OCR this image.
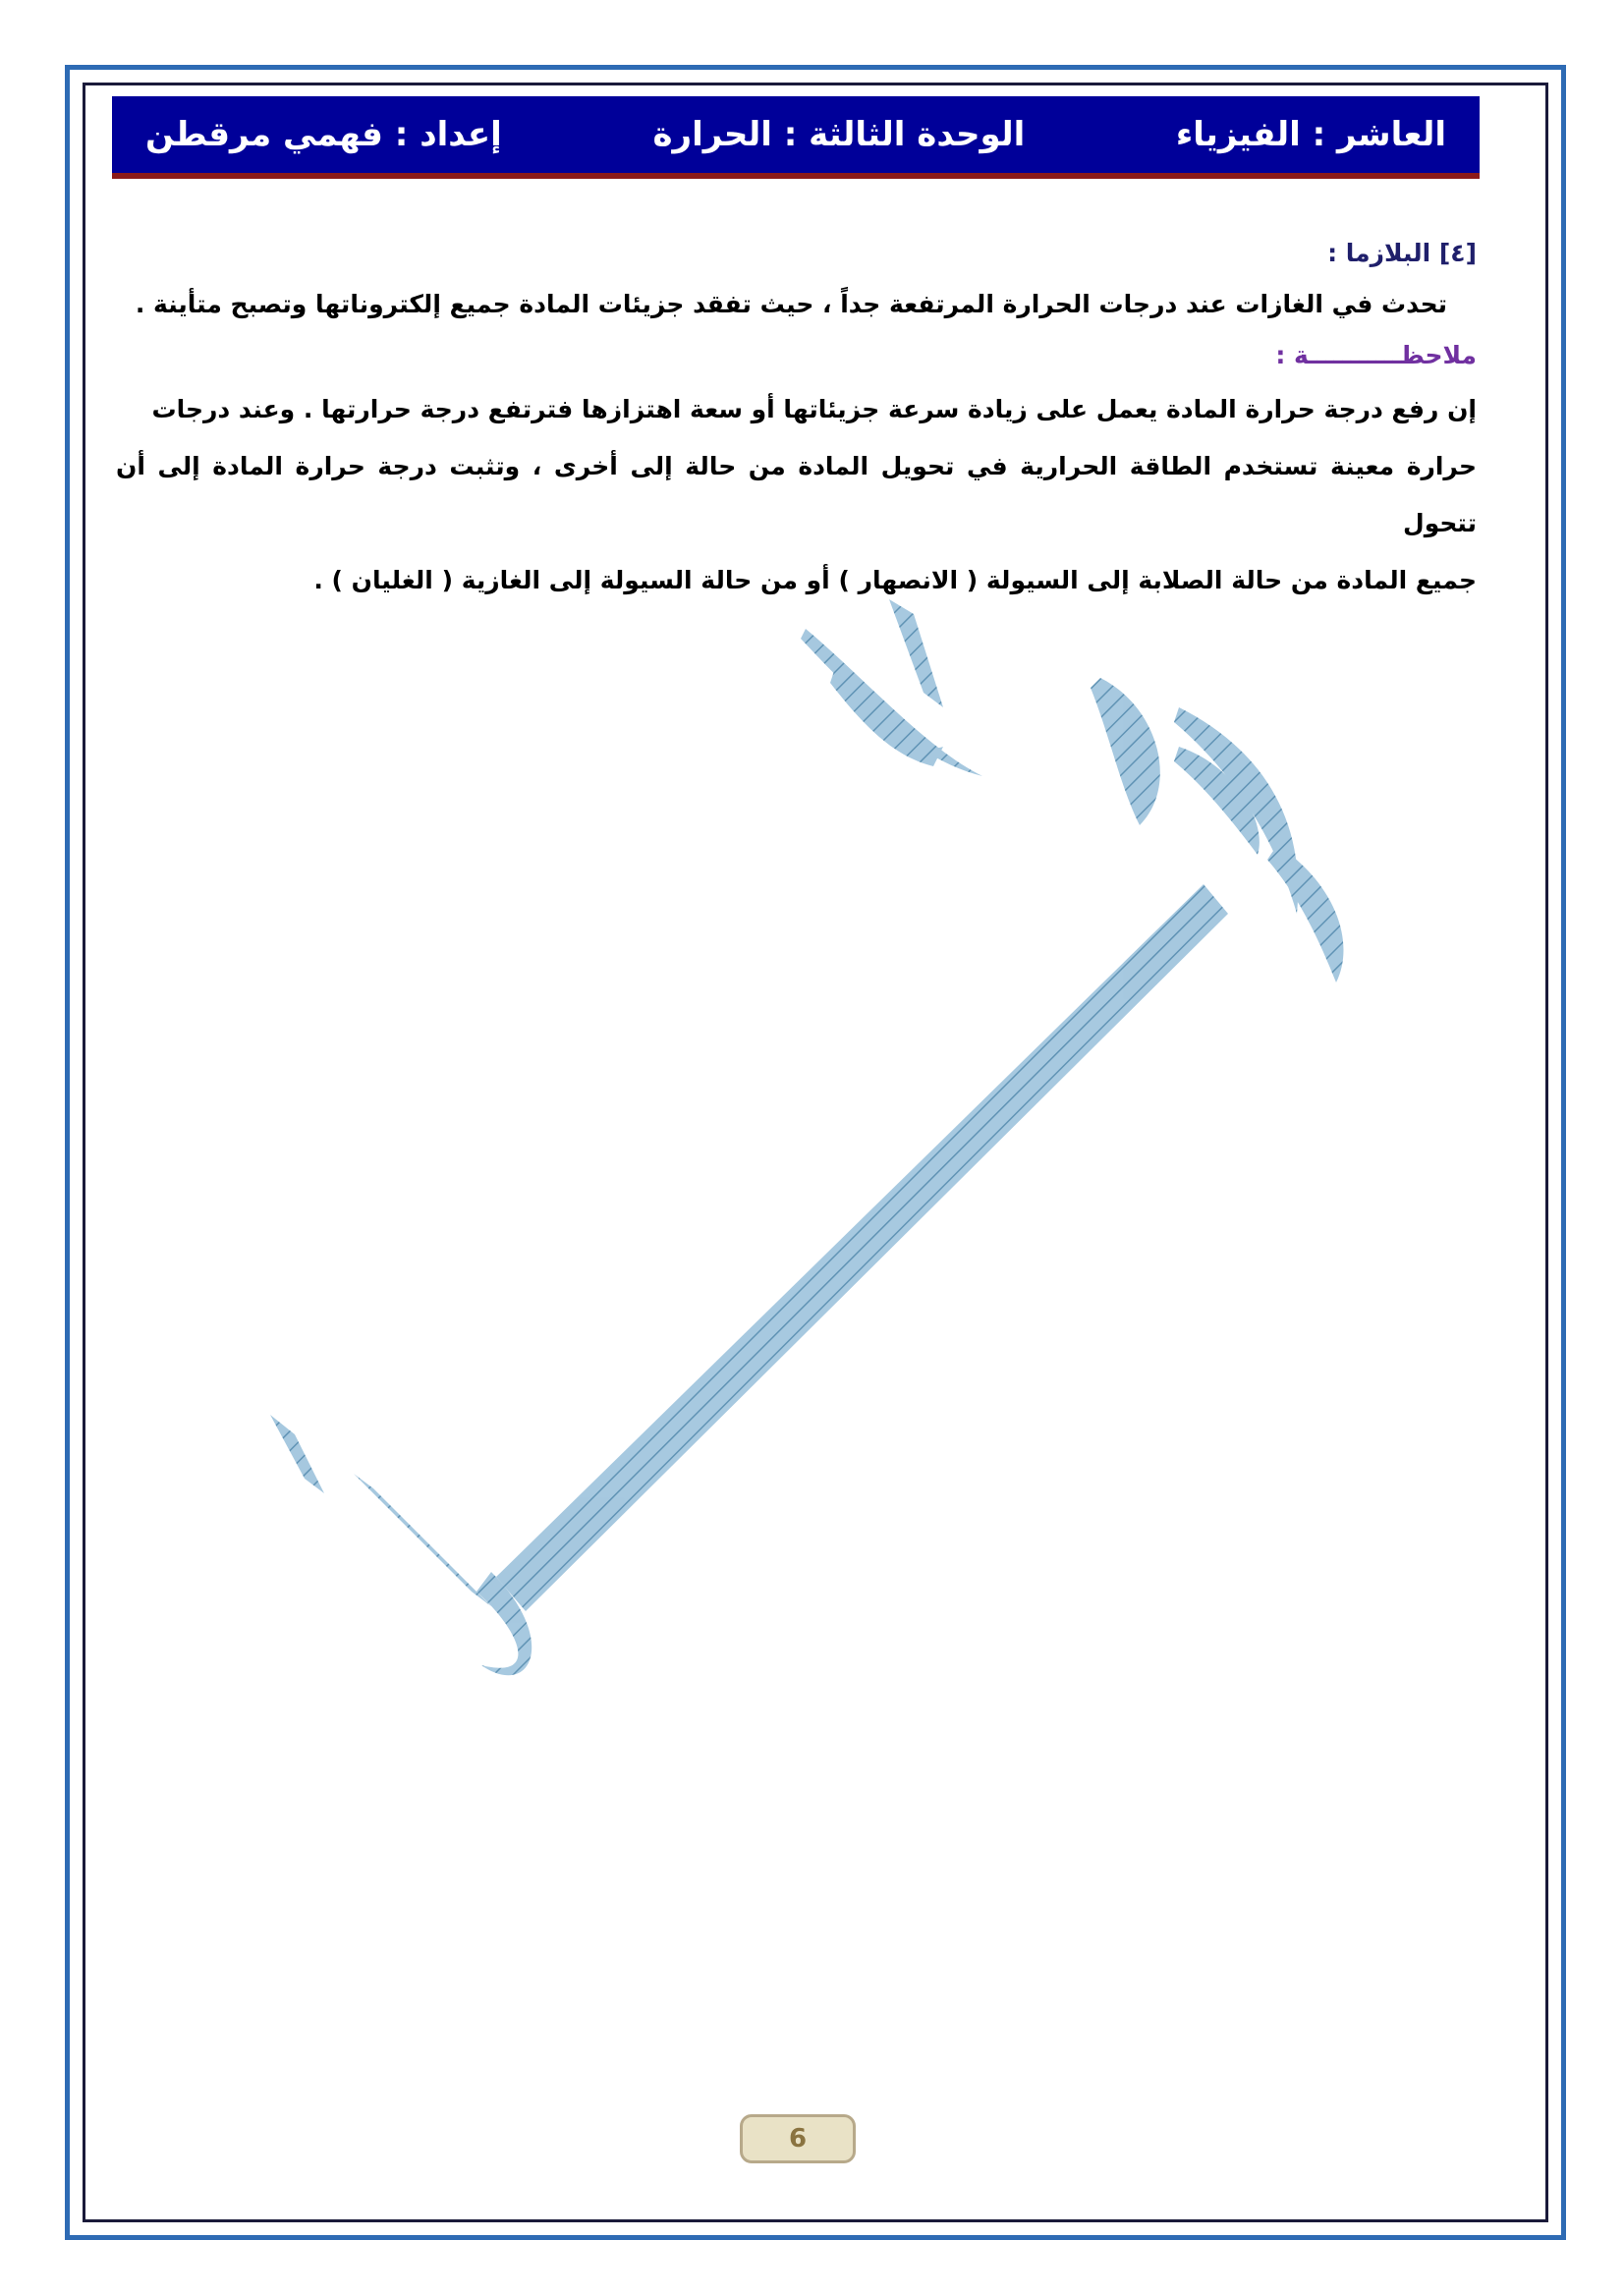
العاشر : الفيزياء
الوحدة الثالثة : الحرارة
إعداد : فهمي مرقطن
[٤] البلازما :
تحدث في الغازات عند درجات الحرارة المرتفعة جداً ، حيث تفقد جزيئات المادة جميع إلكتروناتها وتصبح متأينة .
ملاحظـــــــــــة :
إن رفع درجة حرارة المادة يعمل على زيادة سرعة جزيئاتها أو سعة اهتزازها فترتفع درجة حرارتها . وعند درجات
حرارة معينة تستخدم الطاقة الحرارية في تحويل المادة من حالة إلى أخرى ، وتثبت درجة حرارة المادة إلى أن تتحول
جميع المادة من حالة الصلابة إلى السيولة ( الانصهار ) أو من حالة السيولة إلى الغازية ( الغليان ) .
6
